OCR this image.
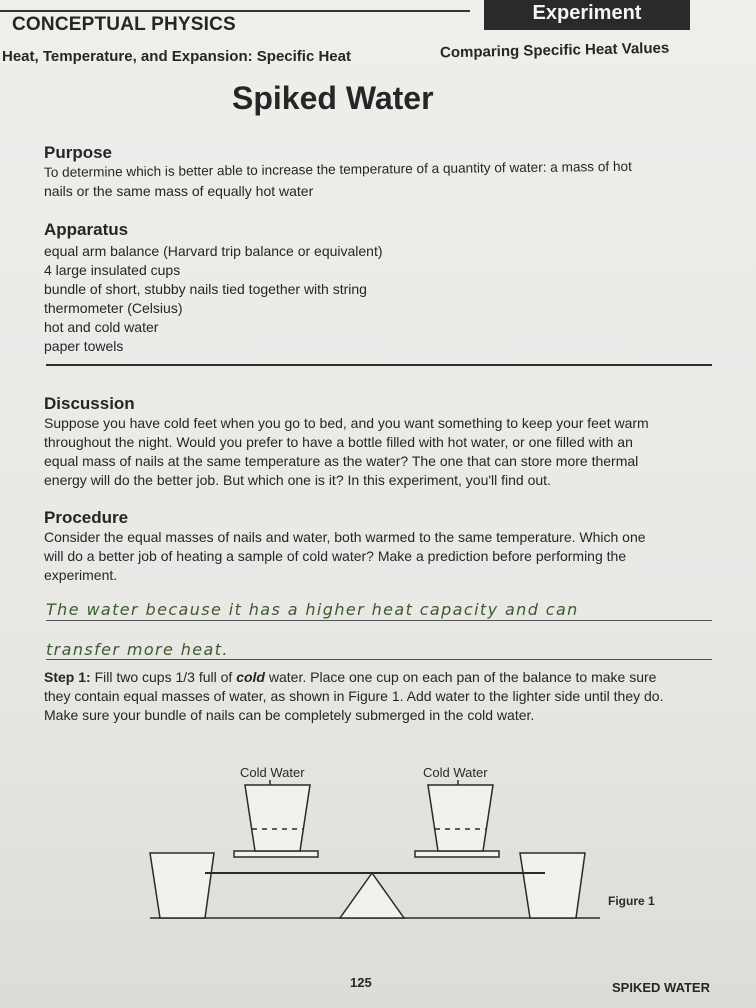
CONCEPTUAL PHYSICS
Experiment
Heat, Temperature, and Expansion: Specific Heat	Comparing Specific Heat Values
Spiked Water

Purpose

To determine which is better able to increase the temperature of a quantity of water: a mass of hot

nails or the same mass of equally hot water

Apparatus

equal arm balance (Harvard trip balance or equivalent)
4 large insulated cups
bundle of short, stubby nails tied together with string
thermometer (Celsius)
hot and cold water
paper towels

Discussion

Suppose you have cold feet when you go to bed, and you want something to keep your feet warm

throughout the night. Would you prefer to have a bottle filled with hot water, or one filled with an

equal mass of nails at the same temperature as the water? The one that can store more thermal

energy will do the better job. But which one is it? In this experiment, you'll find out.

Procedure

Consider the equal masses of nails and water, both warmed to the same temperature. Which one

will do a better job of heating a sample of cold water? Make a prediction before performing the

experiment.

The water because it has a higher heat capacity and can
transfer more heat.

Step 1: Fill two cups 1/3 full of cold water. Place one cup on each pan of the balance to make sure

they contain equal masses of water, as shown in Figure 1. Add water to the lighter side until they do.

Make sure your bundle of nails can be completely submerged in the cold water.

Cold Water	Cold Water
Figure 1
125	SPIKED WATER
